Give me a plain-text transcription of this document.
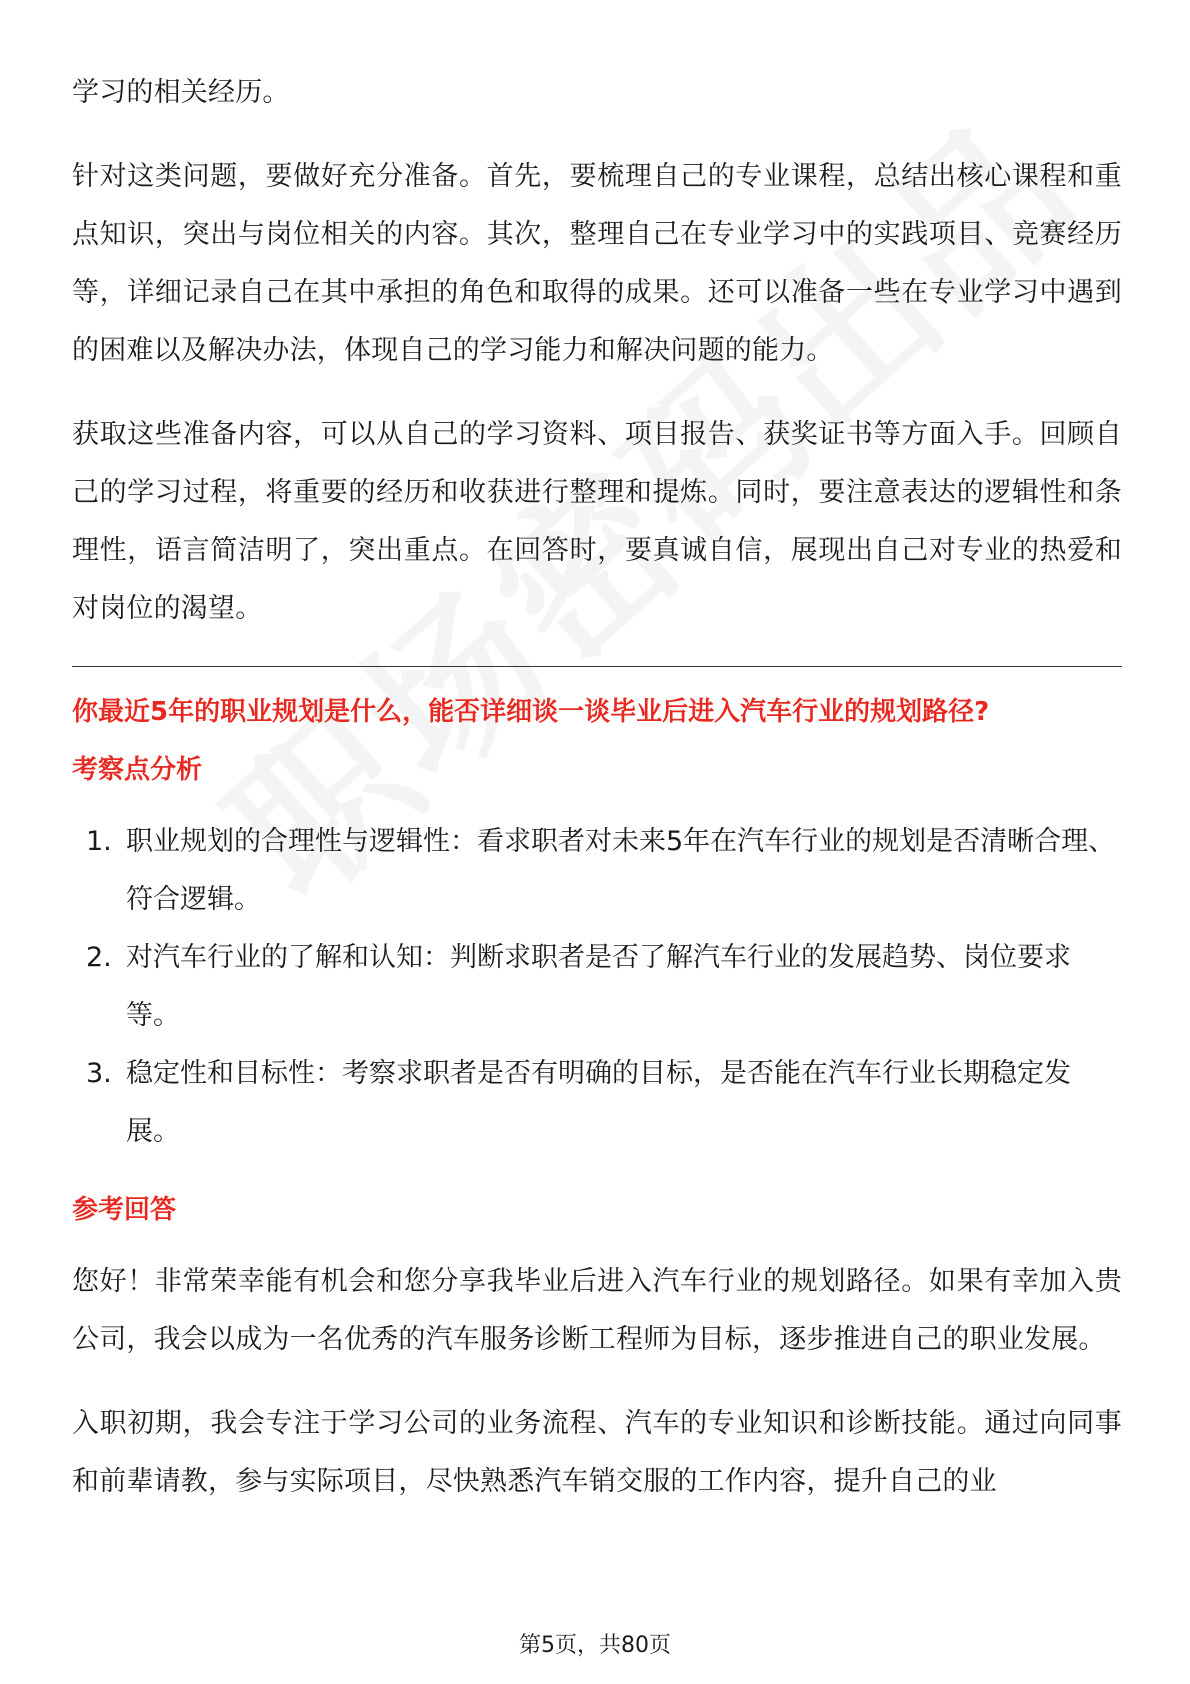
学习的相关经历。

针对这类问题，要做好充分准备。首先，要梳理自己的专业课程，总结出核心课程和重点知识，突出与岗位相关的内容。其次，整理自己在专业学习中的实践项目、竞赛经历等，详细记录自己在其中承担的角色和取得的成果。还可以准备一些在专业学习中遇到的困难以及解决办法，体现自己的学习能力和解决问题的能力。

获取这些准备内容，可以从自己的学习资料、项目报告、获奖证书等方面入手。回顾自己的学习过程，将重要的经历和收获进行整理和提炼。同时，要注意表达的逻辑性和条理性，语言简洁明了，突出重点。在回答时，要真诚自信，展现出自己对专业的热爱和对岗位的渴望。

你最近5年的职业规划是什么，能否详细谈一谈毕业后进入汽车行业的规划路径?

考察点分析

1. 职业规划的合理性与逻辑性：看求职者对未来5年在汽车行业的规划是否清晰合理、符合逻辑。
2. 对汽车行业的了解和认知：判断求职者是否了解汽车行业的发展趋势、岗位要求等。
3. 稳定性和目标性：考察求职者是否有明确的目标，是否能在汽车行业长期稳定发展。

参考回答

您好！非常荣幸能有机会和您分享我毕业后进入汽车行业的规划路径。如果有幸加入贵公司，我会以成为一名优秀的汽车服务诊断工程师为目标，逐步推进自己的职业发展。

入职初期，我会专注于学习公司的业务流程、汽车的专业知识和诊断技能。通过向同事和前辈请教，参与实际项目，尽快熟悉汽车销交服的工作内容，提升自己的业

第5页，共80页
